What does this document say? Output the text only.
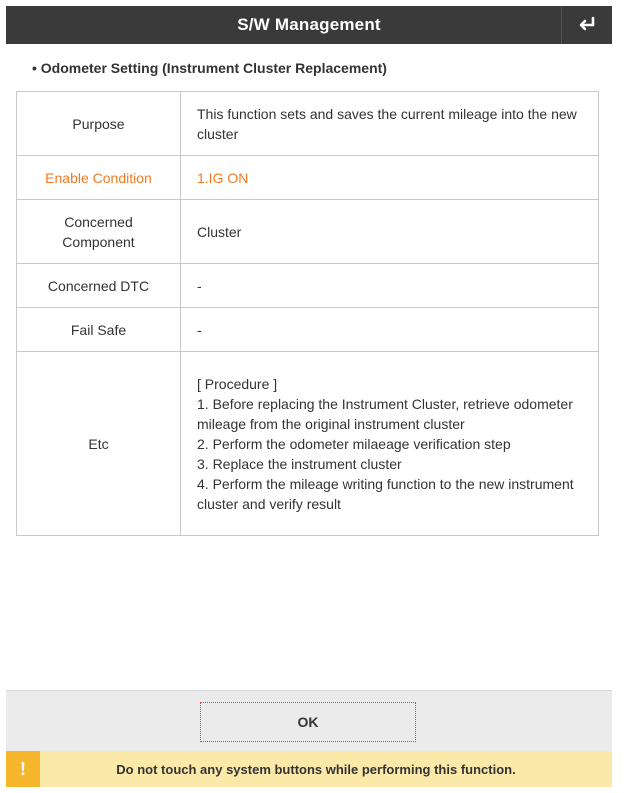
S/W Management
• Odometer Setting (Instrument Cluster Replacement)
Purpose	This function sets and saves the current mileage into the new cluster
Enable Condition	1.IG ON
Concerned Component	Cluster
Concerned DTC	-
Fail Safe	-
Etc	[ Procedure ]
1. Before replacing the Instrument Cluster, retrieve odometer mileage from the original instrument cluster
2. Perform the odometer milaeage verification step
3. Replace the instrument cluster
4. Perform the mileage writing function to the new instrument cluster and verify result
OK
!	Do not touch any system buttons while performing this function.
